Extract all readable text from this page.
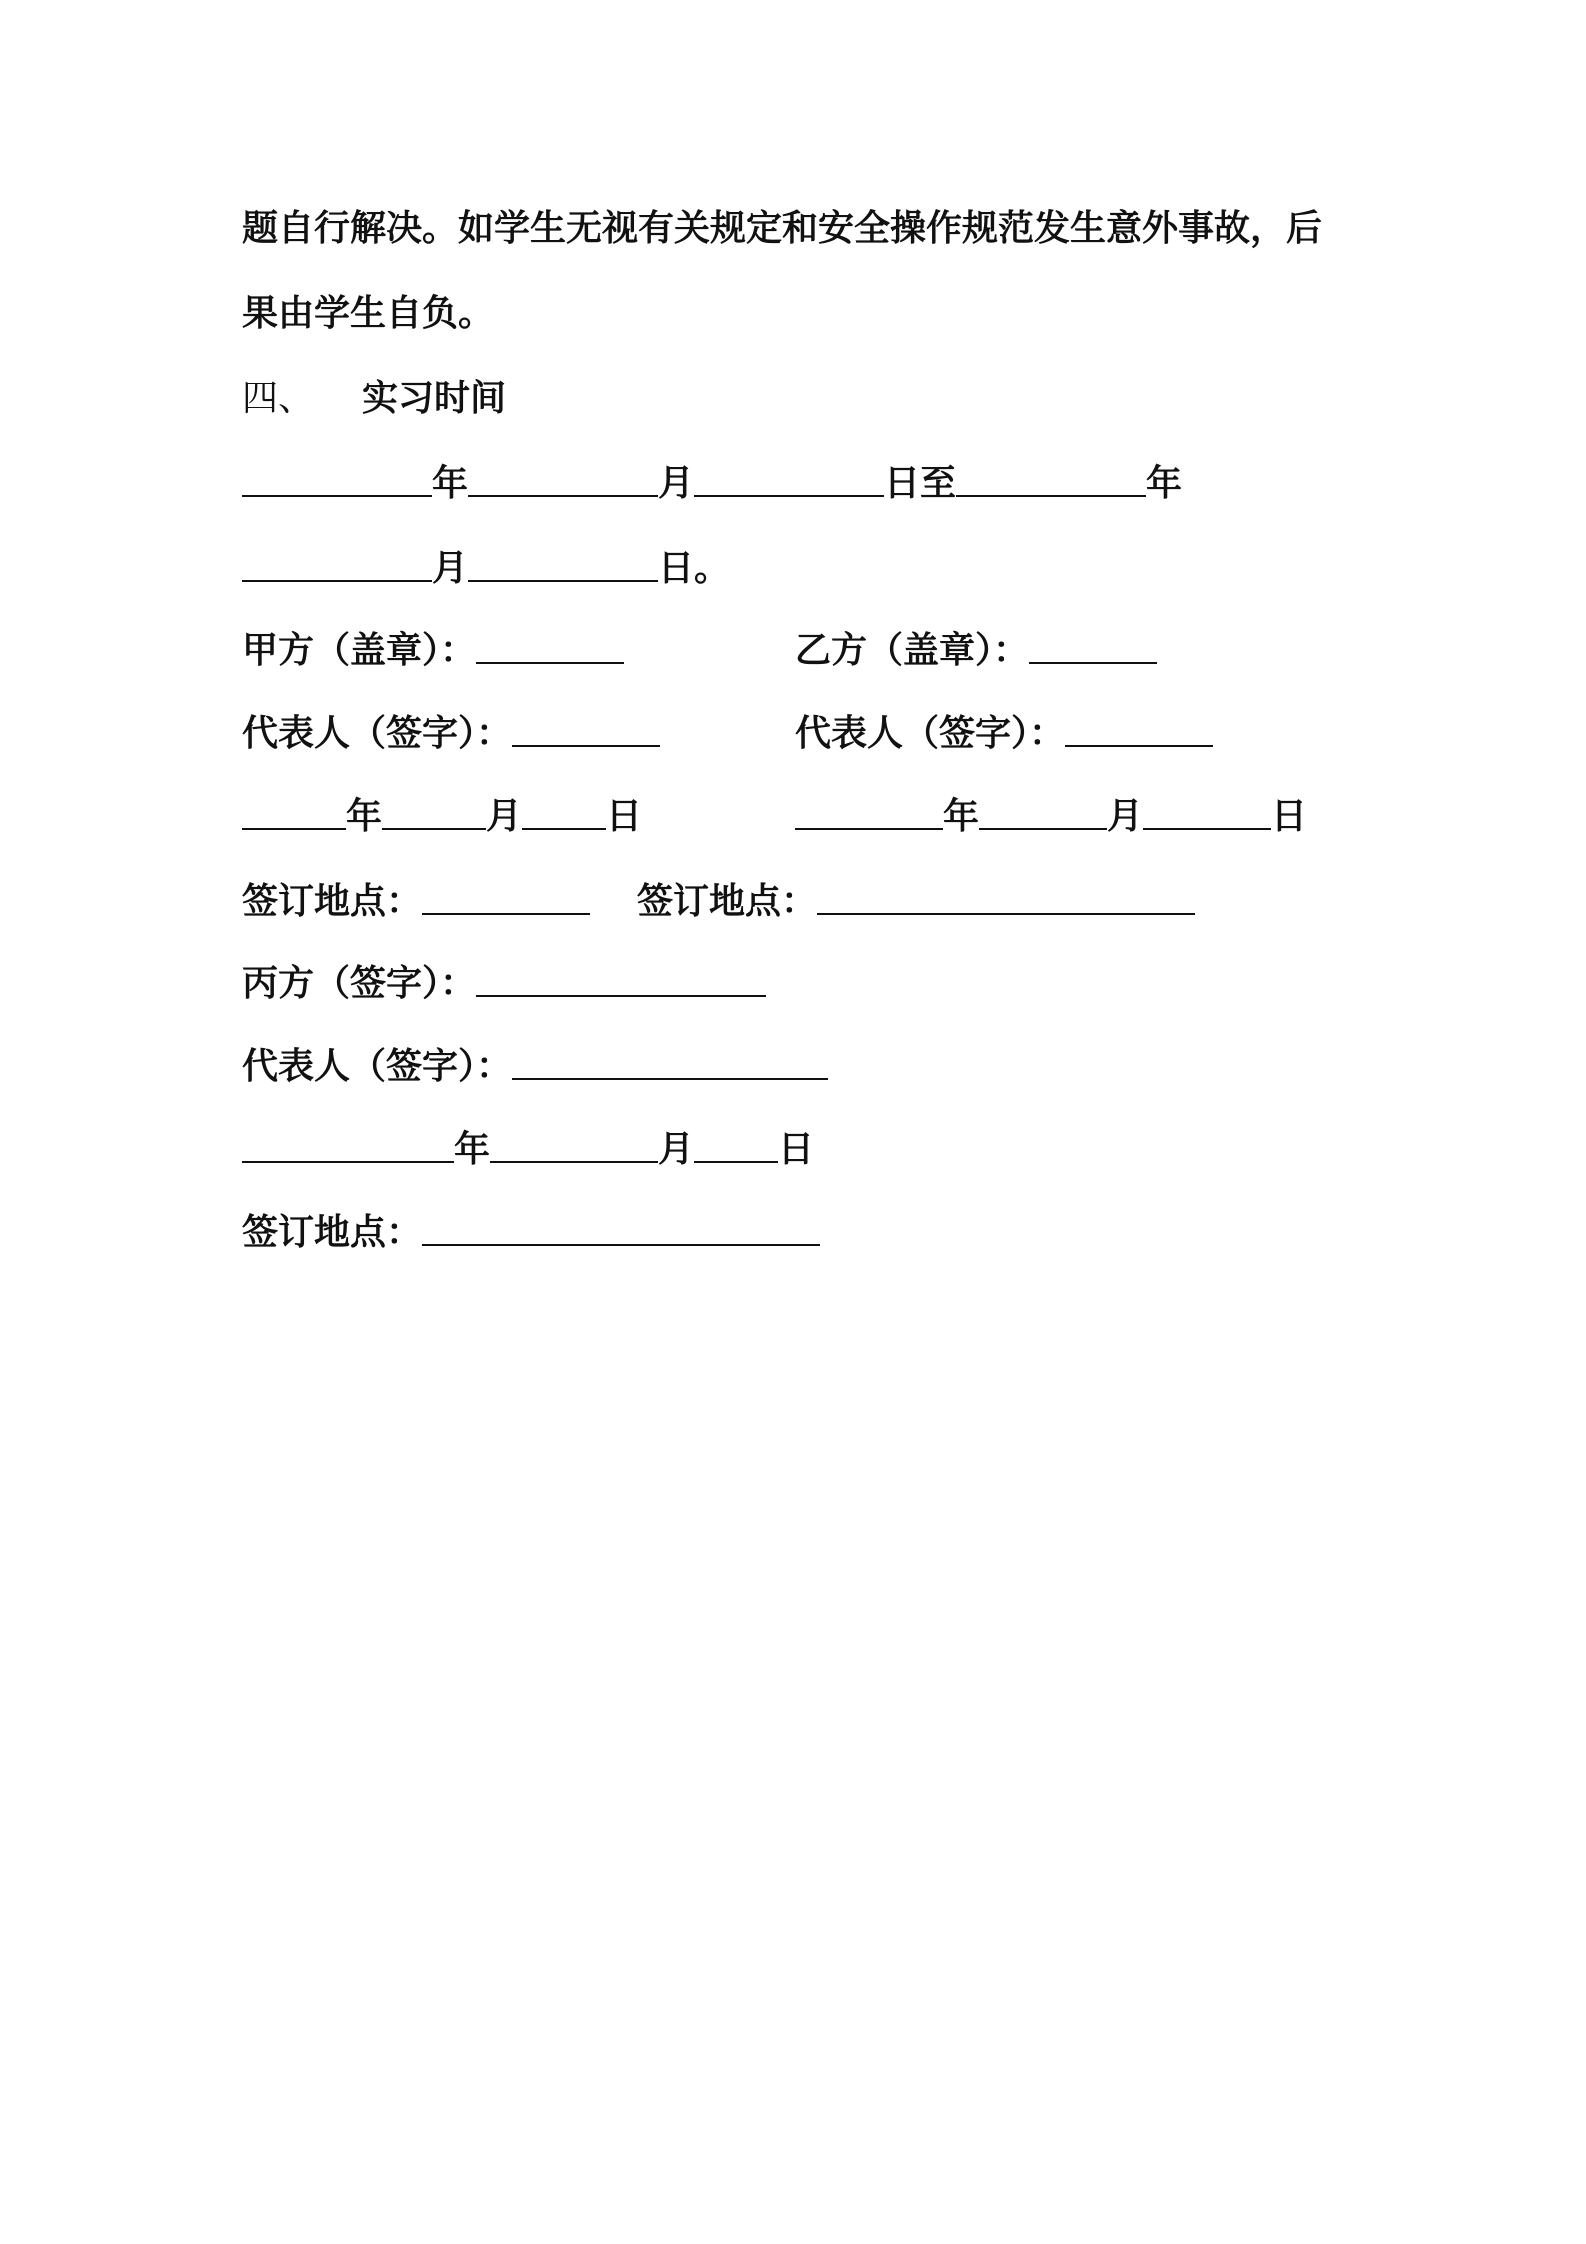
题自行解决。如学生无视有关规定和安全操作规范发生意外事故，后
果由学生自负。
四、 实习时间
年	月	日至	年
月	日。
甲方（盖章）：	乙方（盖章）：
代表人（签字）：	代表人（签字）：
年	月 日	年	月	日
签订地点：	签订地点：
丙方（签字）：
代表人（签字）：
年	月 日
签订地点：
